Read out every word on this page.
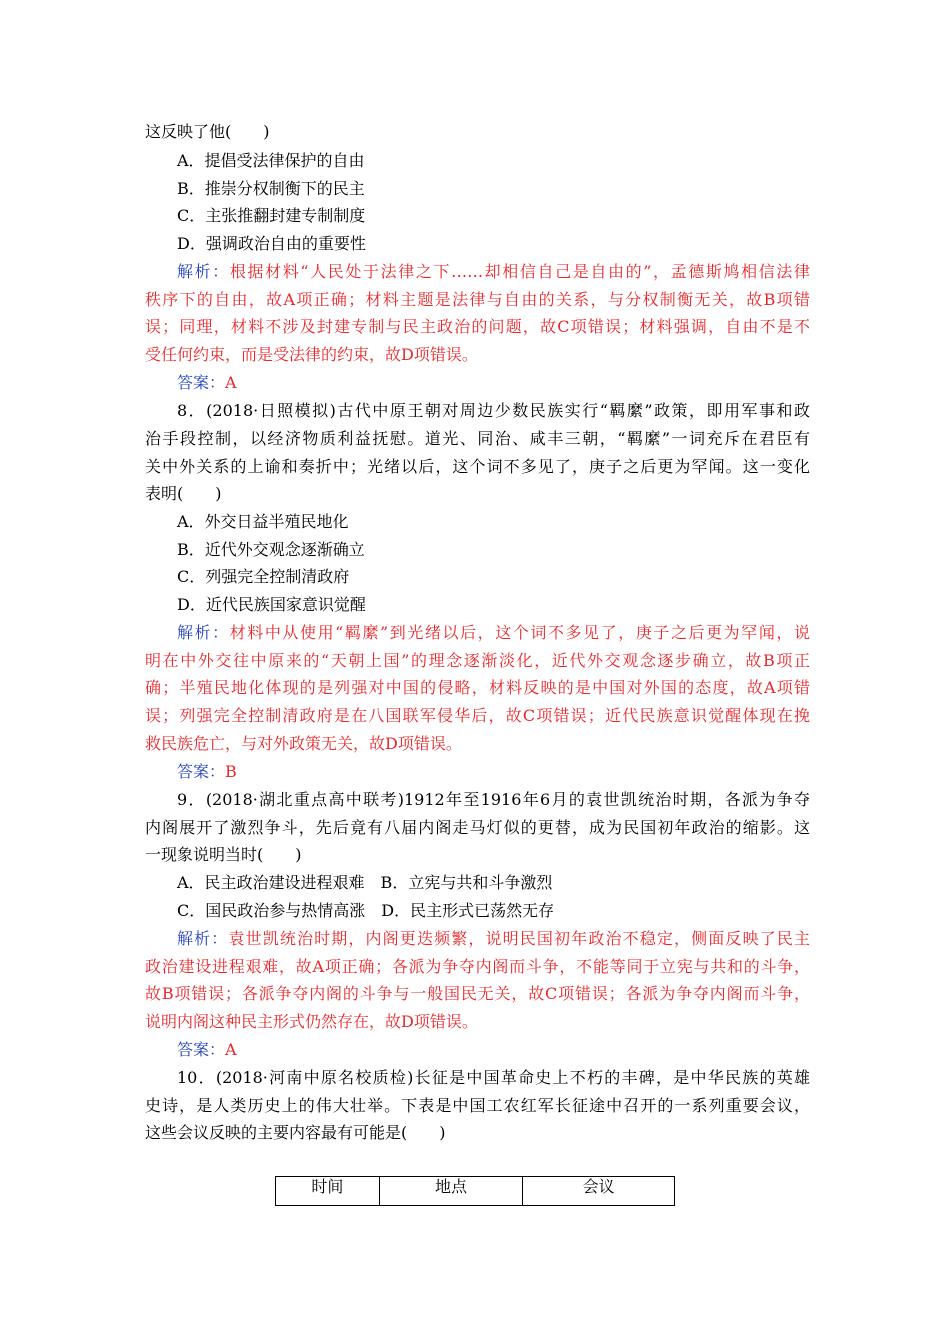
这反映了他(　　)
A．提倡受法律保护的自由
B．推崇分权制衡下的民主
C．主张推翻封建专制制度
D．强调政治自由的重要性
解析：根据材料“人民处于法律之下……却相信自己是自由的”，孟德斯鸠相信法律
秩序下的自由，故A项正确；材料主题是法律与自由的关系，与分权制衡无关，故B项错
误；同理，材料不涉及封建专制与民主政治的问题，故C项错误；材料强调，自由不是不
受任何约束，而是受法律的约束，故D项错误。
答案：A
8．(2018·日照模拟)古代中原王朝对周边少数民族实行“羁縻”政策，即用军事和政
治手段控制，以经济物质利益抚慰。道光、同治、咸丰三朝，“羁縻”一词充斥在君臣有
关中外关系的上谕和奏折中；光绪以后，这个词不多见了，庚子之后更为罕闻。这一变化
表明(　　)
A．外交日益半殖民地化
B．近代外交观念逐渐确立
C．列强完全控制清政府
D．近代民族国家意识觉醒
解析：材料中从使用“羁縻”到光绪以后，这个词不多见了，庚子之后更为罕闻，说
明在中外交往中原来的“天朝上国”的理念逐渐淡化，近代外交观念逐步确立，故B项正
确；半殖民地化体现的是列强对中国的侵略，材料反映的是中国对外国的态度，故A项错
误；列强完全控制清政府是在八国联军侵华后，故C项错误；近代民族意识觉醒体现在挽
救民族危亡，与对外政策无关，故D项错误。
答案：B
9．(2018·湖北重点高中联考)1912年至1916年6月的袁世凯统治时期，各派为争夺
内阁展开了激烈争斗，先后竟有八届内阁走马灯似的更替，成为民国初年政治的缩影。这
一现象说明当时(　　)
A．民主政治建设进程艰难　B．立宪与共和斗争激烈
C．国民政治参与热情高涨　D．民主形式已荡然无存
解析：袁世凯统治时期，内阁更迭频繁，说明民国初年政治不稳定，侧面反映了民主
政治建设进程艰难，故A项正确；各派为争夺内阁而斗争，不能等同于立宪与共和的斗争，
故B项错误；各派争夺内阁的斗争与一般国民无关，故C项错误；各派为争夺内阁而斗争，
说明内阁这种民主形式仍然存在，故D项错误。
答案：A
10．(2018·河南中原名校质检)长征是中国革命史上不朽的丰碑，是中华民族的英雄
史诗，是人类历史上的伟大壮举。下表是中国工农红军长征途中召开的一系列重要会议，
这些会议反映的主要内容最有可能是(　　)
时间	地点	会议
